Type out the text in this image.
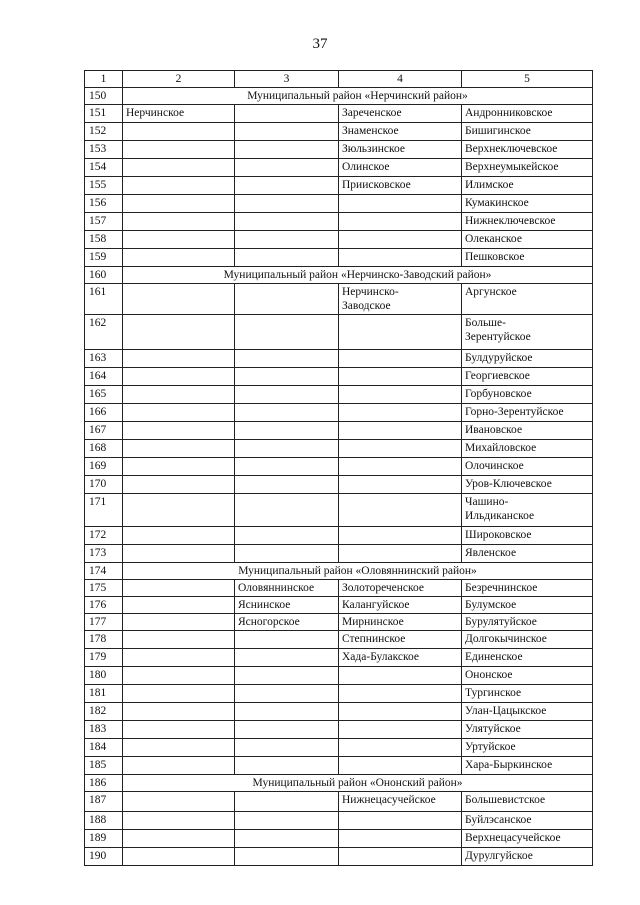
37
1	2	3	4	5
150	Муниципальный район «Нерчинский район»			
151	Нерчинское		Зареченское	Андронниковское
152			Знаменское	Бишигинское
153			Зюльзинское	Верхнеключевское
154			Олинское	Верхнеумыкейское
155			Приисковское	Илимское
156				Кумакинское
157				Нижнеключевское
158				Олеканское
159				Пешковское
160	Муниципальный район «Нерчинско-Заводский район»			
161			Нерчинско-
Заводское	Аргунское
162				Больше-
Зерентуйское
163				Булдуруйское
164				Георгиевское
165				Горбуновское
166				Горно-Зерентуйское
167				Ивановское
168				Михайловское
169				Олочинское
170				Уров-Ключевское
171				Чашино-
Ильдиканское
172				Широковское
173				Явленское
174	Муниципальный район «Оловяннинский район»			
175		Оловяннинское	Золотореченское	Безречнинское
176		Яснинское	Калангуйское	Булумское
177		Ясногорское	Мирнинское	Бурулятуйское
178			Степнинское	Долгокычинское
179			Хада-Булакское	Единенское
180				Ононское
181				Тургинское
182				Улан-Цацыкское
183				Улятуйское
184				Уртуйское
185				Хара-Быркинское
186	Муниципальный район «Ононский район»			
187			Нижнецасучейское	Большевистское
188				Буйлэсанское
189				Верхнецасучейское
190				Дурулгуйское
